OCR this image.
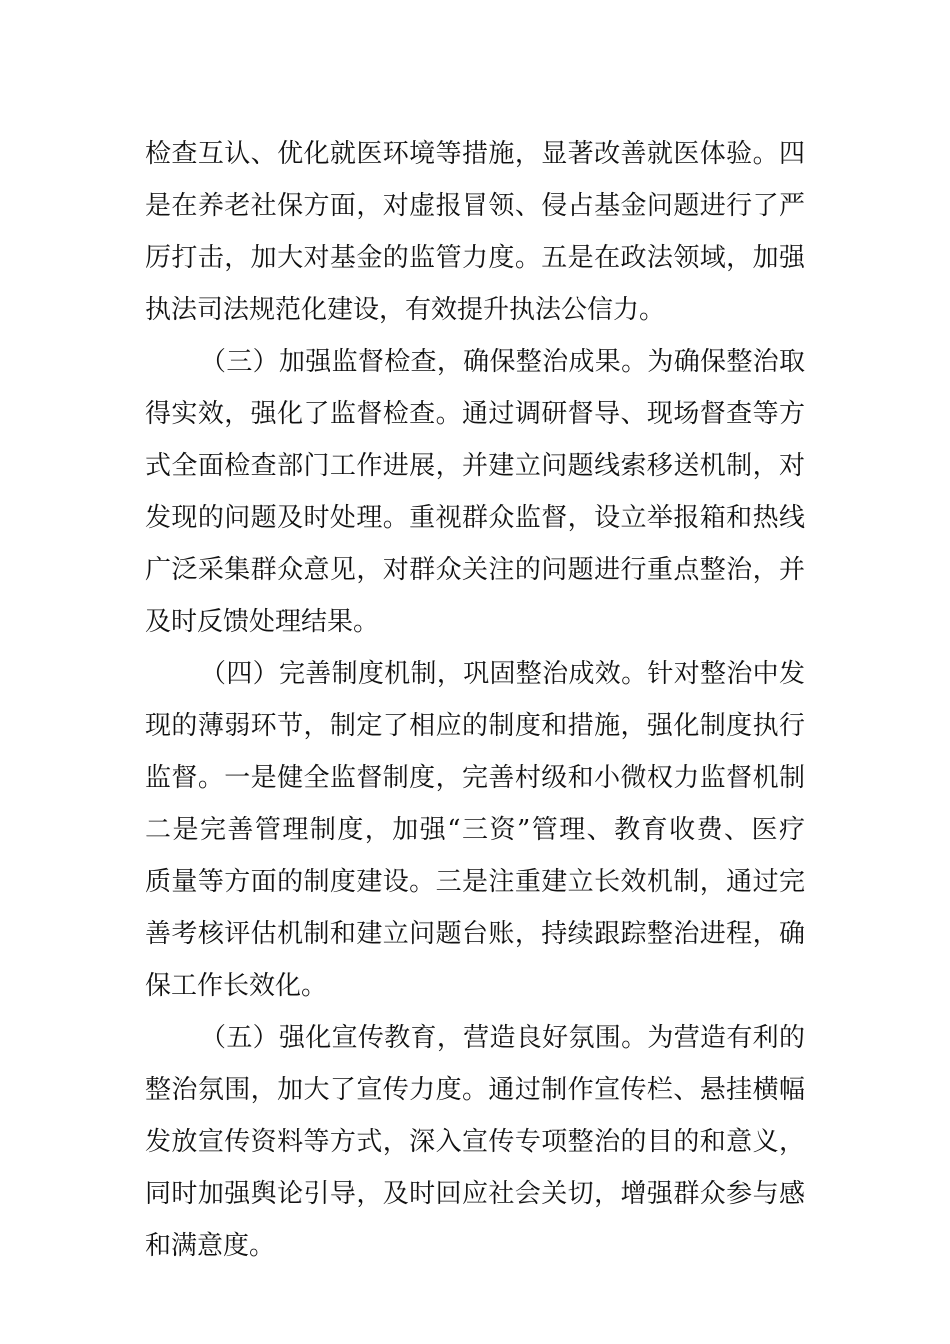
检查互认、优化就医环境等措施，显著改善就医体验。四
是在养老社保方面，对虚报冒领、侵占基金问题进行了严
厉打击，加大对基金的监管力度。五是在政法领域，加强
执法司法规范化建设，有效提升执法公信力。
（三）加强监督检查，确保整治成果。为确保整治取
得实效，强化了监督检查。通过调研督导、现场督查等方
式全面检查部门工作进展，并建立问题线索移送机制，对
发现的问题及时处理。重视群众监督，设立举报箱和热线
广泛采集群众意见，对群众关注的问题进行重点整治，并
及时反馈处理结果。
（四）完善制度机制，巩固整治成效。针对整治中发
现的薄弱环节，制定了相应的制度和措施，强化制度执行
监督。一是健全监督制度，完善村级和小微权力监督机制
二是完善管理制度，加强“三资”管理、教育收费、医疗
质量等方面的制度建设。三是注重建立长效机制，通过完
善考核评估机制和建立问题台账，持续跟踪整治进程，确
保工作长效化。
（五）强化宣传教育，营造良好氛围。为营造有利的
整治氛围，加大了宣传力度。通过制作宣传栏、悬挂横幅
发放宣传资料等方式，深入宣传专项整治的目的和意义，
同时加强舆论引导，及时回应社会关切，增强群众参与感
和满意度。
